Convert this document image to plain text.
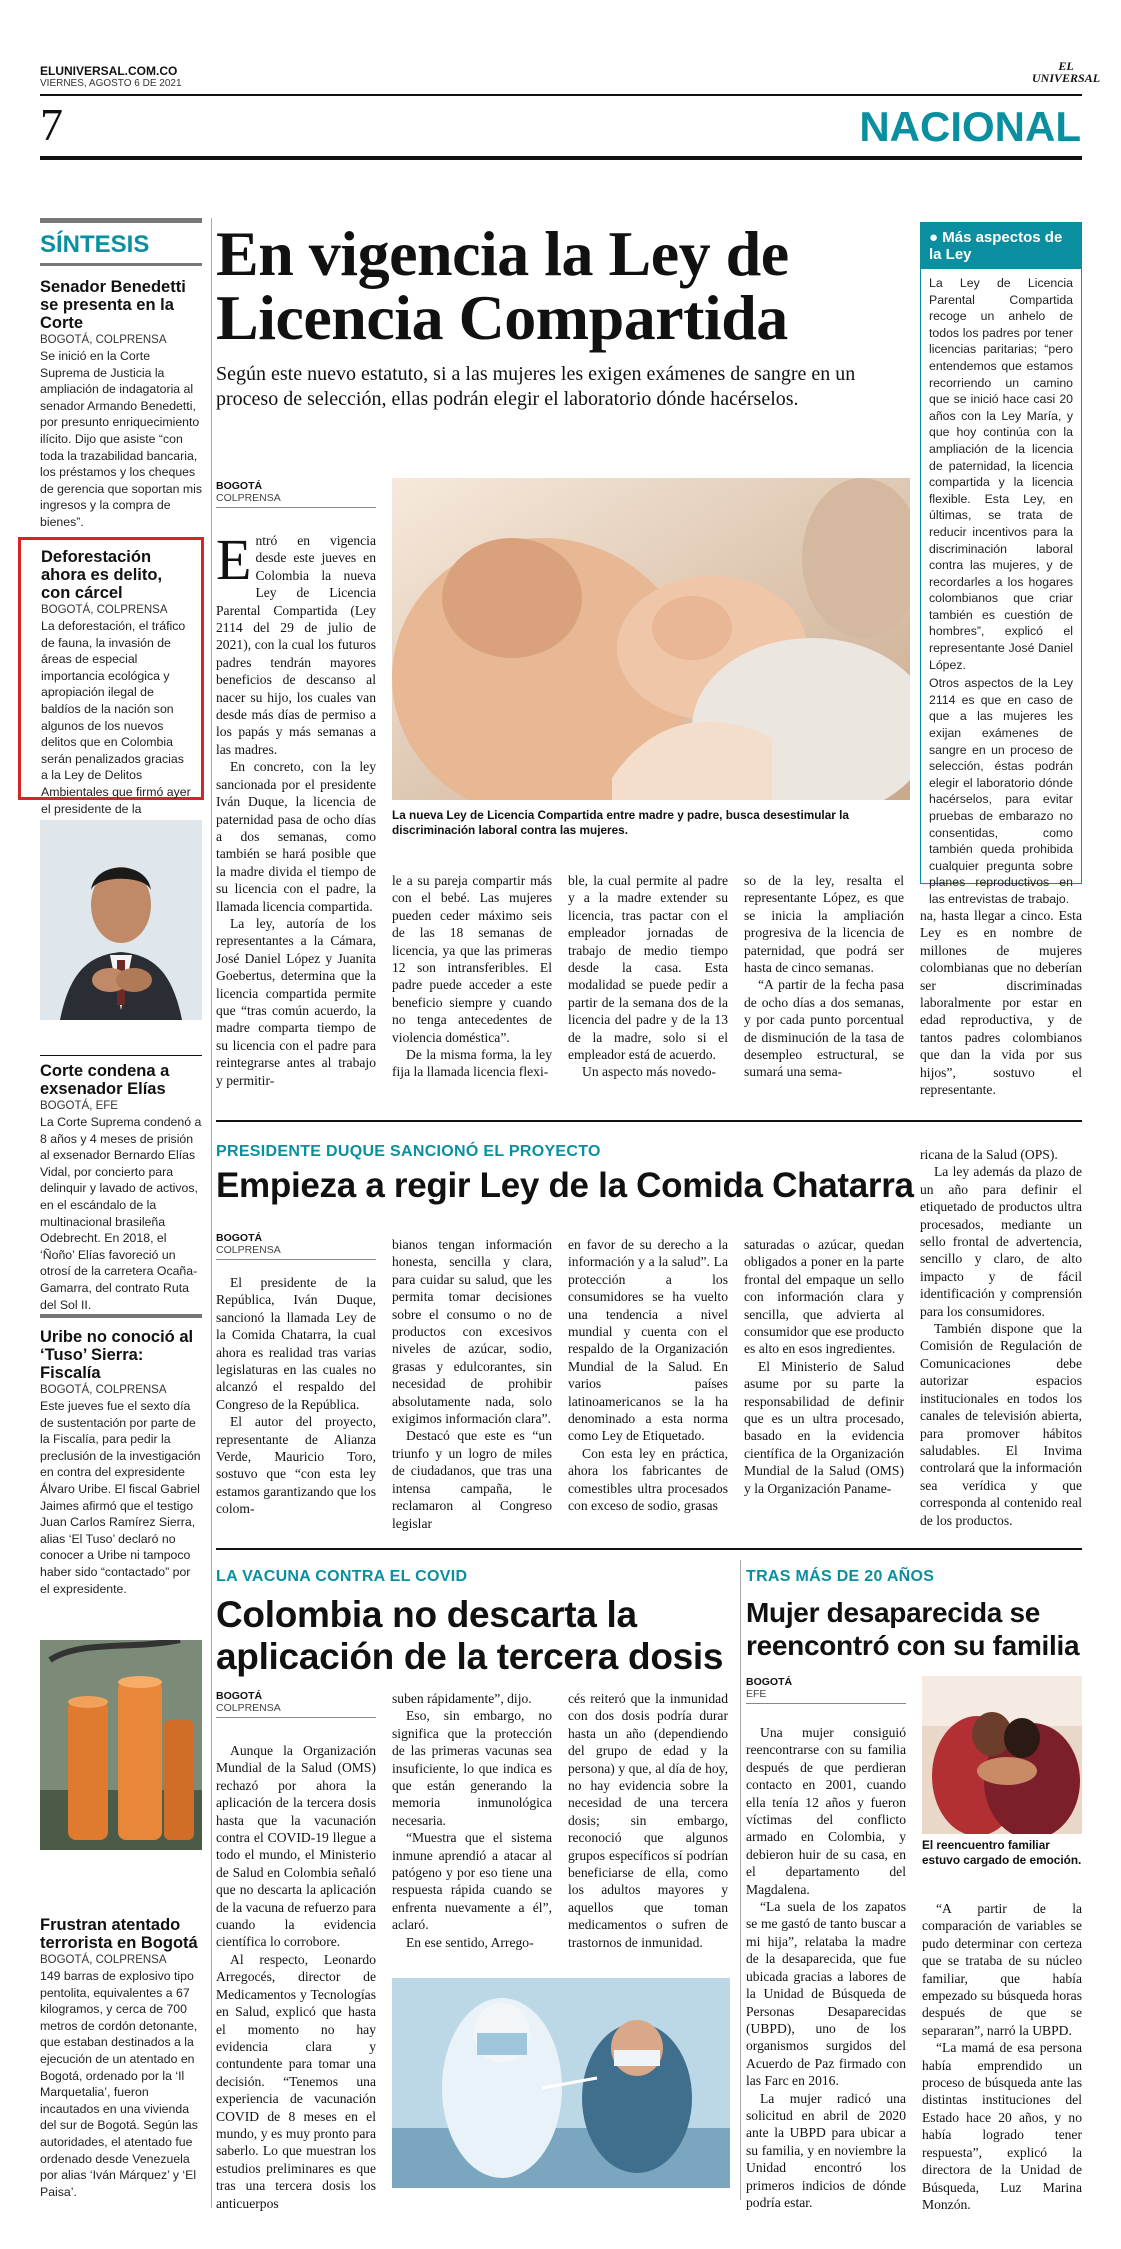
ELUNIVERSAL.COM.CO
VIERNES, AGOSTO 6 DE 2021
EL
UNIVERSAL
7	NACIONAL
SÍNTESIS
Senador Benedetti se presenta en la Corte
BOGOTÁ, COLPRENSA
Se inició en la Corte Suprema de Justicia la ampliación de indagatoria al senador Armando Benedetti, por presunto enriquecimiento ilícito. Dijo que asiste “con toda la trazabilidad bancaria, los préstamos y los cheques de gerencia que soportan mis ingresos y la compra de bienes”.
Deforestación ahora es delito, con cárcel
BOGOTÁ, COLPRENSA
La deforestación, el tráfico de fauna, la invasión de áreas de especial importancia ecológica y apropiación ilegal de baldíos de la nación son algunos de los nuevos delitos que en Colombia serán penalizados gracias a la Ley de Delitos Ambientales que firmó ayer el presidente de la
Corte condena a exsenador Elías
BOGOTÁ, EFE
La Corte Suprema condenó a 8 años y 4 meses de prisión al exsenador Bernardo Elías Vidal, por concierto para delinquir y lavado de activos, en el escándalo de la multinacional brasileña Odebrecht. En 2018, el ‘Ñoño’ Elías favoreció un otrosí de la carretera Ocaña-Gamarra, del contrato Ruta del Sol II.
Uribe no conoció al ‘Tuso’ Sierra: Fiscalía
BOGOTÁ, COLPRENSA
Este jueves fue el sexto día de sustentación por parte de la Fiscalía, para pedir la preclusión de la investigación en contra del expresidente Álvaro Uribe. El fiscal Gabriel Jaimes afirmó que el testigo Juan Carlos Ramírez Sierra, alias ‘El Tuso’ declaró no conocer a Uribe ni tampoco haber sido “contactado” por el expresidente.
Frustran atentado terrorista en Bogotá
BOGOTÁ, COLPRENSA
149 barras de explosivo tipo pentolita, equivalentes a 67 kilogramos, y cerca de 700 metros de cordón detonante, que estaban destinados a la ejecución de un atentado en Bogotá, ordenado por la ‘Il Marquetalia’, fueron incautados en una vivienda del sur de Bogotá. Según las autoridades, el atentado fue ordenado desde Venezuela por alias ‘Iván Márquez’ y ‘El Paisa’.
En vigencia la Ley de Licencia Compartida
Según este nuevo estatuto, si a las mujeres les exigen exámenes de sangre en un proceso de selección, ellas podrán elegir el laboratorio dónde hacérselos.
BOGOTÁ
COLPRENSA
E ntró en vigencia desde este jueves en Colombia la nueva Ley de Licencia Parental Compartida (Ley 2114 del 29 de julio de 2021), con la cual los futuros padres tendrán mayores beneficios de descanso al nacer su hijo, los cuales van desde más días de permiso a los papás y más semanas a las madres.

En concreto, con la ley sancionada por el presidente Iván Duque, la licencia de paternidad pasa de ocho días a dos semanas, como también se hará posible que la madre divida el tiempo de su licencia con el padre, la llamada licencia compartida.

La ley, autoría de los representantes a la Cámara, José Daniel López y Juanita Goebertus, determina que la licencia compartida permite que “tras común acuerdo, la madre comparta tiempo de su licencia con el padre para reintegrarse antes al trabajo y permitir-

La nueva Ley de Licencia Compartida entre madre y padre, busca desestimular la discriminación laboral contra las mujeres.

le a su pareja compartir más con el bebé. Las mujeres pueden ceder máximo seis de las 18 semanas de licencia, ya que las primeras 12 son intransferibles. El padre puede acceder a este beneficio siempre y cuando no tenga antecedentes de violencia doméstica”.

De la misma forma, la ley fija la llamada licencia flexi-

ble, la cual permite al padre y a la madre extender su licencia, tras pactar con el empleador jornadas de trabajo de medio tiempo desde la casa. Esta modalidad se puede pedir a partir de la semana dos de la licencia del padre y de la 13 de la madre, solo si el empleador está de acuerdo.

Un aspecto más novedo-

so de la ley, resalta el representante López, es que se inicia la ampliación progresiva de la licencia de paternidad, que podrá ser hasta de cinco semanas.

“A partir de la fecha pasa de ocho días a dos semanas, y por cada punto porcentual de disminución de la tasa de desempleo estructural, se sumará una sema-

na, hasta llegar a cinco. Esta Ley es en nombre de millones de mujeres colombianas que no deberían ser discriminadas laboralmente por estar en edad reproductiva, y de tantos padres colombianos que dan la vida por sus hijos”, sostuvo el representante.

● Más aspectos de la Ley

La Ley de Licencia Parental Compartida recoge un anhelo de todos los padres por tener licencias paritarias; “pero entendemos que estamos recorriendo un camino que se inició hace casi 20 años con la Ley María, y que hoy continúa con la ampliación de la licencia de paternidad, la licencia compartida y la licencia flexible. Esta Ley, en últimas, se trata de reducir incentivos para la discriminación laboral contra las mujeres, y de recordarles a los hogares colombianos que criar también es cuestión de hombres”, explicó el representante José Daniel López.

Otros aspectos de la Ley 2114 es que en caso de que a las mujeres les exijan exámenes de sangre en un proceso de selección, éstas podrán elegir el laboratorio dónde hacérselos, para evitar pruebas de embarazo no consentidas, como también queda prohibida cualquier pregunta sobre planes reproductivos en las entrevistas de trabajo.

PRESIDENTE DUQUE SANCIONÓ EL PROYECTO
Empieza a regir Ley de la Comida Chatarra
BOGOTÁ
COLPRENSA

El presidente de la República, Iván Duque, sancionó la llamada Ley de la Comida Chatarra, la cual ahora es realidad tras varias legislaturas en las cuales no alcanzó el respaldo del Congreso de la República.

El autor del proyecto, representante de Alianza Verde, Mauricio Toro, sostuvo que “con esta ley estamos garantizando que los colom-

bianos tengan información honesta, sencilla y clara, para cuidar su salud, que les permita tomar decisiones sobre el consumo o no de productos con excesivos niveles de azúcar, sodio, grasas y edulcorantes, sin necesidad de prohibir absolutamente nada, solo exigimos información clara”.

Destacó que este es “un triunfo y un logro de miles de ciudadanos, que tras una intensa campaña, le reclamaron al Congreso legislar

en favor de su derecho a la información y a la salud”. La protección a los consumidores se ha vuelto una tendencia a nivel mundial y cuenta con el respaldo de la Organización Mundial de la Salud. En varios países latinoamericanos se la ha denominado a esta norma como Ley de Etiquetado.

Con esta ley en práctica, ahora los fabricantes de comestibles ultra procesados con exceso de sodio, grasas

saturadas o azúcar, quedan obligados a poner en la parte frontal del empaque un sello con información clara y sencilla, que advierta al consumidor que ese producto es alto en esos ingredientes.

El Ministerio de Salud asume por su parte la responsabilidad de definir que es un ultra procesado, basado en la evidencia científica de la Organización Mundial de la Salud (OMS) y la Organización Paname-

ricana de la Salud (OPS).

La ley además da plazo de un año para definir el etiquetado de productos ultra procesados, mediante un sello frontal de advertencia, sencillo y claro, de alto impacto y de fácil identificación y comprensión para los consumidores.

También dispone que la Comisión de Regulación de Comunicaciones debe autorizar espacios institucionales en todos los canales de televisión abierta, para promover hábitos saludables. El Invima controlará que la información sea verídica y que corresponda al contenido real de los productos.

LA VACUNA CONTRA EL COVID
Colombia no descarta la aplicación de la tercera dosis
BOGOTÁ
COLPRENSA

Aunque la Organización Mundial de la Salud (OMS) rechazó por ahora la aplicación de la tercera dosis hasta que la vacunación contra el COVID-19 llegue a todo el mundo, el Ministerio de Salud en Colombia señaló que no descarta la aplicación de la vacuna de refuerzo para cuando la evidencia científica lo corrobore.

Al respecto, Leonardo Arregocés, director de Medicamentos y Tecnologías en Salud, explicó que hasta el momento no hay evidencia clara y contundente para tomar una decisión. “Tenemos una experiencia de vacunación COVID de 8 meses en el mundo, y es muy pronto para saberlo. Lo que muestran los estudios preliminares es que tras una tercera dosis los anticuerpos

suben rápidamente”, dijo.

Eso, sin embargo, no significa que la protección de las primeras vacunas sea insuficiente, lo que indica es que están generando la memoria inmunológica necesaria.

“Muestra que el sistema inmune aprendió a atacar al patógeno y por eso tiene una respuesta rápida cuando se enfrenta nuevamente a él”, aclaró.

En ese sentido, Arrego-

cés reiteró que la inmunidad con dos dosis podría durar hasta un año (dependiendo del grupo de edad y la persona) y que, al día de hoy, no hay evidencia sobre la necesidad de una tercera dosis; sin embargo, reconoció que algunos grupos específicos sí podrían beneficiarse de ella, como los adultos mayores y aquellos que toman medicamentos o sufren de trastornos de inmunidad.

TRAS MÁS DE 20 AÑOS
Mujer desaparecida se reencontró con su familia
BOGOTÁ
EFE

Una mujer consiguió reencontrarse con su familia después de que perdieran contacto en 2001, cuando ella tenía 12 años y fueron víctimas del conflicto armado en Colombia, y debieron huir de su casa, en el departamento del Magdalena.

“La suela de los zapatos se me gastó de tanto buscar a mi hija”, relataba la madre de la desaparecida, que fue ubicada gracias a labores de la Unidad de Búsqueda de Personas Desaparecidas (UBPD), uno de los organismos surgidos del Acuerdo de Paz firmado con las Farc en 2016.

La mujer radicó una solicitud en abril de 2020 ante la UBPD para ubicar a su familia, y en noviembre la Unidad encontró los primeros indicios de dónde podría estar.

El reencuentro familiar estuvo cargado de emoción.

“A partir de la comparación de variables se pudo determinar con certeza que se trataba de su núcleo familiar, que había empezado su búsqueda horas después de que se separaran”, narró la UBPD.

“La mamá de esa persona había emprendido un proceso de búsqueda ante las distintas instituciones del Estado hace 20 años, y no había logrado tener respuesta”, explicó la directora de la Unidad de Búsqueda, Luz Marina Monzón.
